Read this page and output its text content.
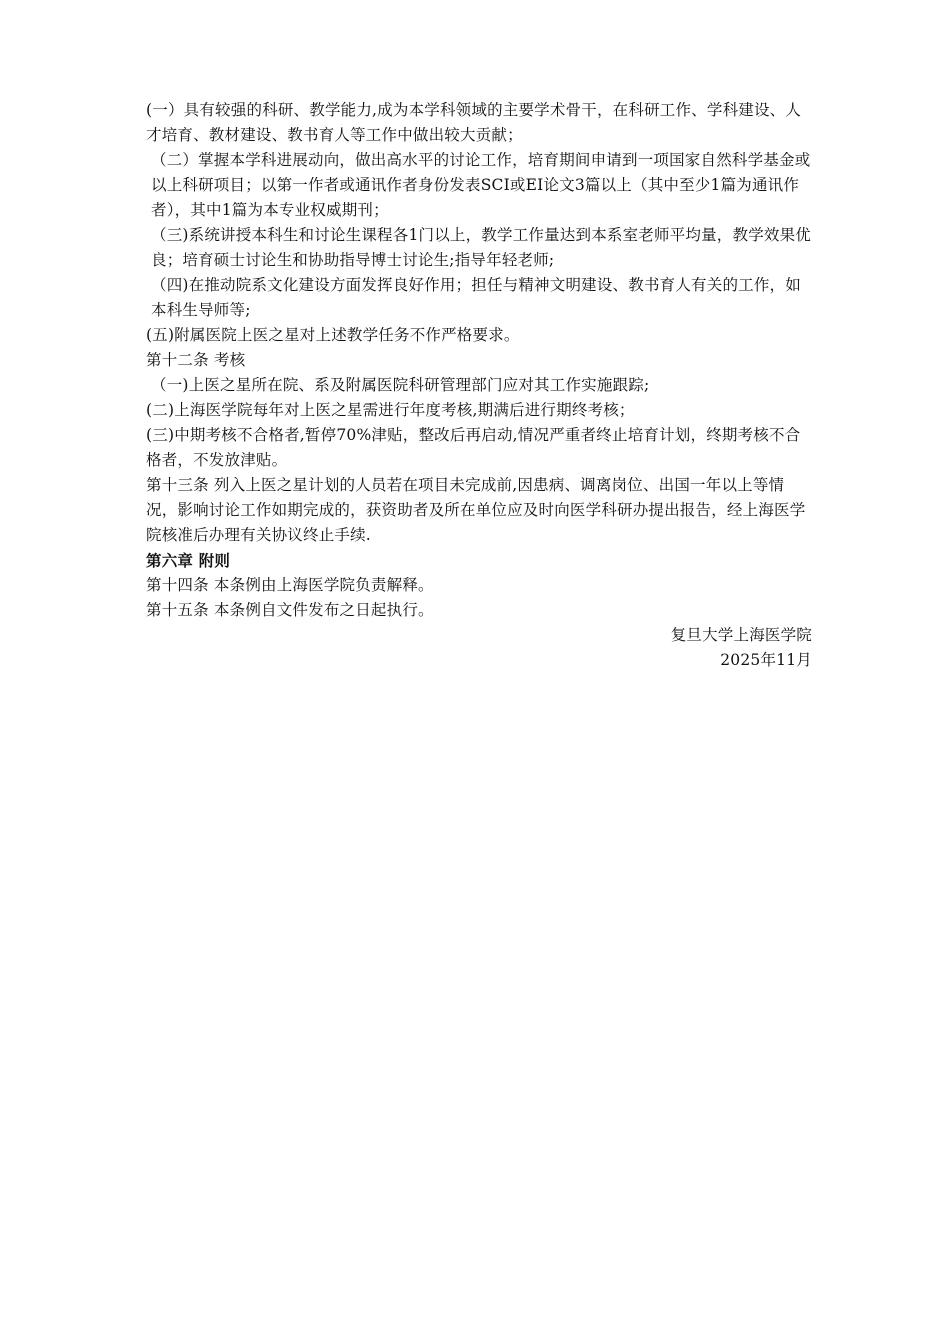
(一）具有较强的科研、教学能力,成为本学科领域的主要学术骨干，在科研工作、学科建设、人才培育、教材建设、教书育人等工作中做出较大贡献；

（二）掌握本学科进展动向，做出高水平的讨论工作，培育期间申请到一项国家自然科学基金或以上科研项目；以第一作者或通讯作者身份发表SCI或EI论文3篇以上（其中至少1篇为通讯作者），其中1篇为本专业权威期刊；

（三)系统讲授本科生和讨论生课程各1门以上，教学工作量达到本系室老师平均量，教学效果优良；培育硕士讨论生和协助指导博士讨论生;指导年轻老师;

（四)在推动院系文化建设方面发挥良好作用；担任与精神文明建设、教书育人有关的工作，如本科生导师等;

(五)附属医院上医之星对上述教学任务不作严格要求。

第十二条 考核

（一)上医之星所在院、系及附属医院科研管理部门应对其工作实施跟踪;

(二)上海医学院每年对上医之星需进行年度考核,期满后进行期终考核；

(三)中期考核不合格者,暂停70%津贴，整改后再启动,情况严重者终止培育计划，终期考核不合格者，不发放津贴。

第十三条 列入上医之星计划的人员若在项目未完成前,因患病、调离岗位、出国一年以上等情况，影响讨论工作如期完成的，获资助者及所在单位应及时向医学科研办提出报告，经上海医学院核准后办理有关协议终止手续.

第六章 附则

第十四条 本条例由上海医学院负责解释。

第十五条 本条例自文件发布之日起执行。

复旦大学上海医学院

2025年11月
